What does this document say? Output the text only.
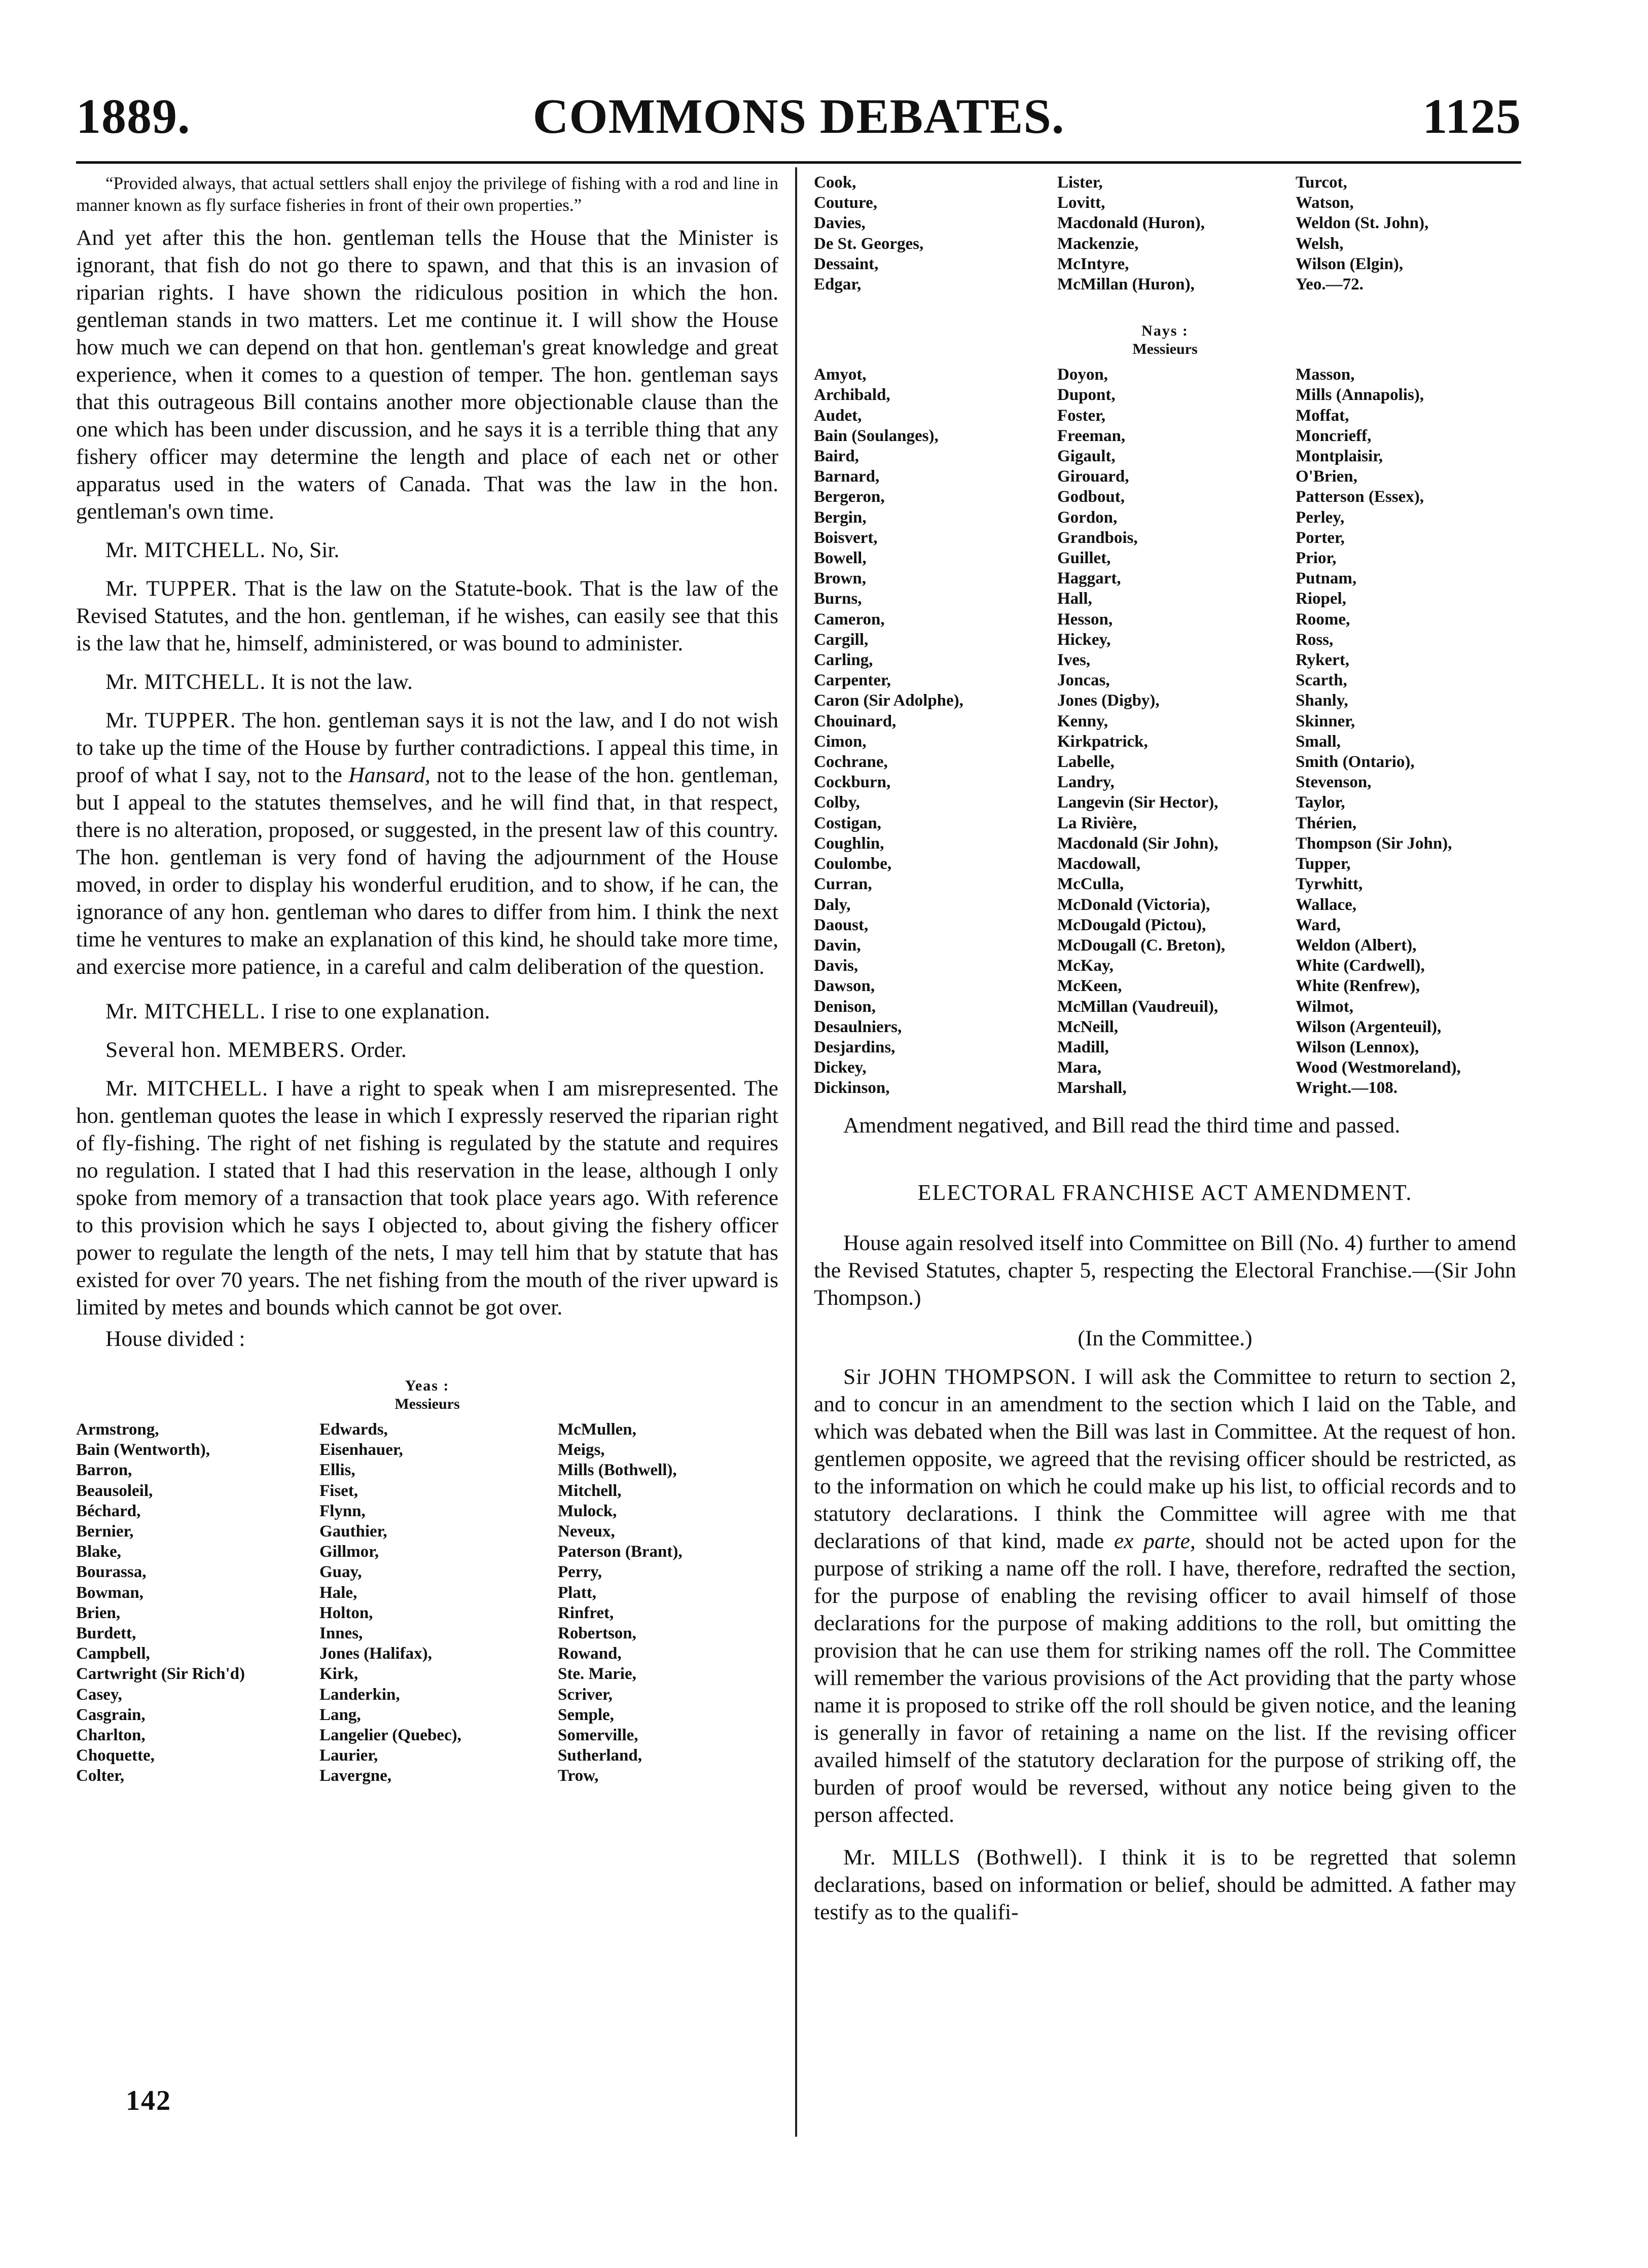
1889.	COMMONS DEBATES.	1125

“Provided always, that actual settlers shall enjoy the privilege of fishing with a rod and line in manner known as fly surface fisheries in front of their own properties.”

And yet after this the hon. gentleman tells the House that the Minister is ignorant, that fish do not go there to spawn, and that this is an invasion of riparian rights. I have shown the ridiculous position in which the hon. gentleman stands in two matters. Let me continue it. I will show the House how much we can depend on that hon. gentleman's great knowledge and great experience, when it comes to a question of temper. The hon. gentleman says that this outrageous Bill contains another more objectionable clause than the one which has been under discussion, and he says it is a terrible thing that any fishery officer may determine the length and place of each net or other apparatus used in the waters of Canada. That was the law in the hon. gentleman's own time.

Mr. MITCHELL. No, Sir.

Mr. TUPPER. That is the law on the Statute-book. That is the law of the Revised Statutes, and the hon. gentleman, if he wishes, can easily see that this is the law that he, himself, administered, or was bound to administer.

Mr. MITCHELL. It is not the law.

Mr. TUPPER. The hon. gentleman says it is not the law, and I do not wish to take up the time of the House by further contradictions. I appeal this time, in proof of what I say, not to the Hansard, not to the lease of the hon. gentleman, but I appeal to the statutes themselves, and he will find that, in that respect, there is no alteration, proposed, or suggested, in the present law of this country. The hon. gentleman is very fond of having the adjournment of the House moved, in order to display his wonderful erudition, and to show, if he can, the ignorance of any hon. gentleman who dares to differ from him. I think the next time he ventures to make an explanation of this kind, he should take more time, and exercise more patience, in a careful and calm deliberation of the question.

Mr. MITCHELL. I rise to one explanation.

Several hon. MEMBERS. Order.

Mr. MITCHELL. I have a right to speak when I am misrepresented. The hon. gentleman quotes the lease in which I expressly reserved the riparian right of fly-fishing. The right of net fishing is regulated by the statute and requires no regulation. I stated that I had this reservation in the lease, although I only spoke from memory of a transaction that took place years ago. With reference to this provision which he says I objected to, about giving the fishery officer power to regulate the length of the nets, I may tell him that by statute that has existed for over 70 years. The net fishing from the mouth of the river upward is limited by metes and bounds which cannot be got over.

House divided :

Yeas :
Messieurs
Armstrong,
Bain (Wentworth),
Barron,
Beausoleil,
Béchard,
Bernier,
Blake,
Bourassa,
Bowman,
Brien,
Burdett,
Campbell,
Cartwright (Sir Rich'd)
Casey,
Casgrain,
Charlton,
Choquette,
Colter,
Edwards,
Eisenhauer,
Ellis,
Fiset,
Flynn,
Gauthier,
Gillmor,
Guay,
Hale,
Holton,
Innes,
Jones (Halifax),
Kirk,
Landerkin,
Lang,
Langelier (Quebec),
Laurier,
Lavergne,
McMullen,
Meigs,
Mills (Bothwell),
Mitchell,
Mulock,
Neveux,
Paterson (Brant),
Perry,
Platt,
Rinfret,
Robertson,
Rowand,
Ste. Marie,
Scriver,
Semple,
Somerville,
Sutherland,
Trow,
142
Cook,
Couture,
Davies,
De St. Georges,
Dessaint,
Edgar,
Lister,
Lovitt,
Macdonald (Huron),
Mackenzie,
McIntyre,
McMillan (Huron),
Turcot,
Watson,
Weldon (St. John),
Welsh,
Wilson (Elgin),
Yeo.—72.
Nays :
Messieurs
Amyot,
Archibald,
Audet,
Bain (Soulanges),
Baird,
Barnard,
Bergeron,
Bergin,
Boisvert,
Bowell,
Brown,
Burns,
Cameron,
Cargill,
Carling,
Carpenter,
Caron (Sir Adolphe),
Chouinard,
Cimon,
Cochrane,
Cockburn,
Colby,
Costigan,
Coughlin,
Coulombe,
Curran,
Daly,
Daoust,
Davin,
Davis,
Dawson,
Denison,
Desaulniers,
Desjardins,
Dickey,
Dickinson,
Doyon,
Dupont,
Foster,
Freeman,
Gigault,
Girouard,
Godbout,
Gordon,
Grandbois,
Guillet,
Haggart,
Hall,
Hesson,
Hickey,
Ives,
Joncas,
Jones (Digby),
Kenny,
Kirkpatrick,
Labelle,
Landry,
Langevin (Sir Hector),
La Rivière,
Macdonald (Sir John),
Macdowall,
McCulla,
McDonald (Victoria),
McDougald (Pictou),
McDougall (C. Breton),
McKay,
McKeen,
McMillan (Vaudreuil),
McNeill,
Madill,
Mara,
Marshall,
Masson,
Mills (Annapolis),
Moffat,
Moncrieff,
Montplaisir,
O'Brien,
Patterson (Essex),
Perley,
Porter,
Prior,
Putnam,
Riopel,
Roome,
Ross,
Rykert,
Scarth,
Shanly,
Skinner,
Small,
Smith (Ontario),
Stevenson,
Taylor,
Thérien,
Thompson (Sir John),
Tupper,
Tyrwhitt,
Wallace,
Ward,
Weldon (Albert),
White (Cardwell),
White (Renfrew),
Wilmot,
Wilson (Argenteuil),
Wilson (Lennox),
Wood (Westmoreland),
Wright.—108.

Amendment negatived, and Bill read the third time and passed.

ELECTORAL FRANCHISE ACT AMENDMENT.

House again resolved itself into Committee on Bill (No. 4) further to amend the Revised Statutes, chapter 5, respecting the Electoral Franchise.—(Sir John Thompson.)

(In the Committee.)

Sir JOHN THOMPSON. I will ask the Committee to return to section 2, and to concur in an amendment to the section which I laid on the Table, and which was debated when the Bill was last in Committee. At the request of hon. gentlemen opposite, we agreed that the revising officer should be restricted, as to the information on which he could make up his list, to official records and to statutory declarations. I think the Committee will agree with me that declarations of that kind, made ex parte, should not be acted upon for the purpose of striking a name off the roll. I have, therefore, redrafted the section, for the purpose of enabling the revising officer to avail himself of those declarations for the purpose of making additions to the roll, but omitting the provision that he can use them for striking names off the roll. The Committee will remember the various provisions of the Act providing that the party whose name it is proposed to strike off the roll should be given notice, and the leaning is generally in favor of retaining a name on the list. If the revising officer availed himself of the statutory declaration for the purpose of striking off, the burden of proof would be reversed, without any notice being given to the person affected.

Mr. MILLS (Bothwell). I think it is to be regretted that solemn declarations, based on information or belief, should be admitted. A father may testify as to the qualifi-
